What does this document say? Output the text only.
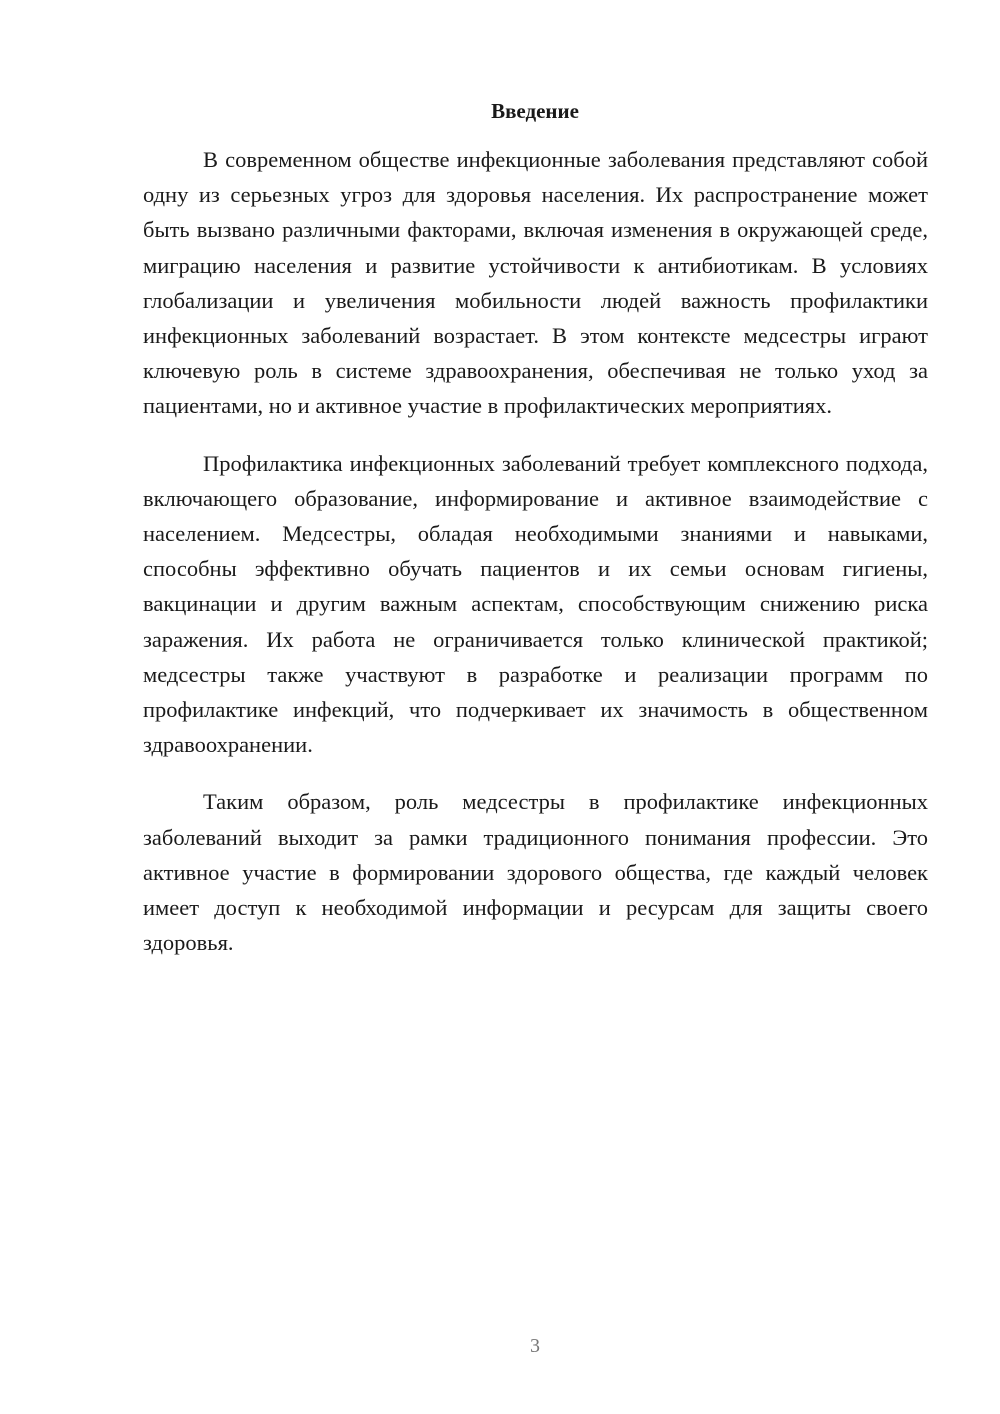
Введение

В современном обществе инфекционные заболевания представляют собой одну из серьезных угроз для здоровья населения. Их распространение может быть вызвано различными факторами, включая изменения в окружающей среде, миграцию населения и развитие устойчивости к антибиотикам. В условиях глобализации и увеличения мобильности людей важность профилактики инфекционных заболеваний возрастает. В этом контексте медсестры играют ключевую роль в системе здравоохранения, обеспечивая не только уход за пациентами, но и активное участие в профилактических мероприятиях.

Профилактика инфекционных заболеваний требует комплексного подхода, включающего образование, информирование и активное взаимодействие с населением. Медсестры, обладая необходимыми знаниями и навыками, способны эффективно обучать пациентов и их семьи основам гигиены, вакцинации и другим важным аспектам, способствующим снижению риска заражения. Их работа не ограничивается только клинической практикой; медсестры также участвуют в разработке и реализации программ по профилактике инфекций, что подчеркивает их значимость в общественном здравоохранении.

Таким образом, роль медсестры в профилактике инфекционных заболеваний выходит за рамки традиционного понимания профессии. Это активное участие в формировании здорового общества, где каждый человек имеет доступ к необходимой информации и ресурсам для защиты своего здоровья.

3
